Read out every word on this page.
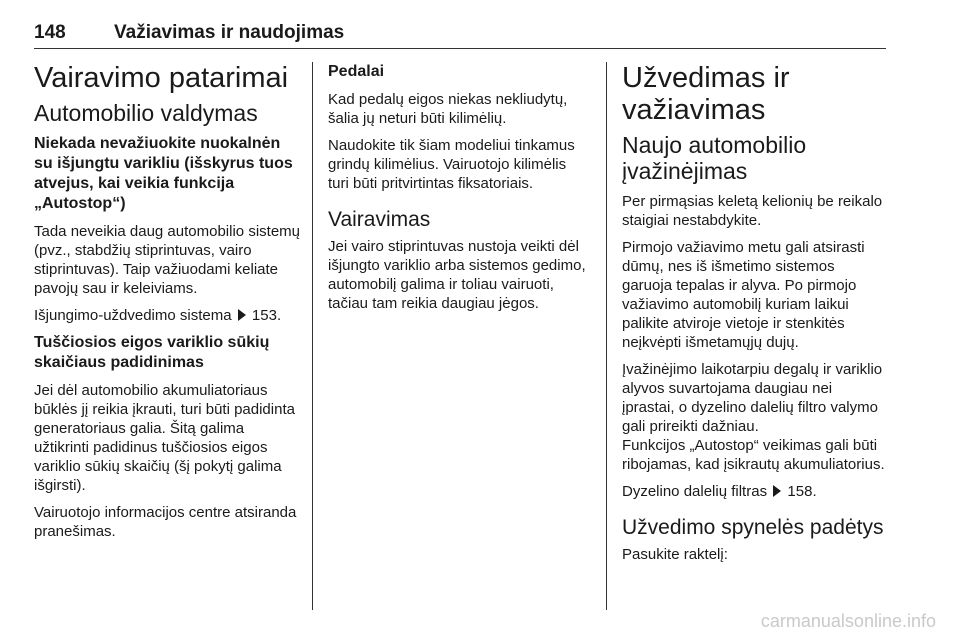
148	Važiavimas ir naudojimas
Vairavimo patarimai
Automobilio valdymas
Niekada nevažiuokite nuokalnėn su išjungtu varikliu (išskyrus tuos atvejus, kai veikia funkcija „Autostop“)

Tada neveikia daug automobilio sistemų (pvz., stabdžių stiprintuvas, vairo stiprintuvas). Taip važiuodami keliate pavojų sau ir keleiviams.

Išjungimo-uždvedimo sistema 153.

Tuščiosios eigos variklio sūkių skaičiaus padidinimas

Jei dėl automobilio akumuliatoriaus būklės jį reikia įkrauti, turi būti padidinta generatoriaus galia. Šitą galima užtikrinti padidinus tuščiosios eigos variklio sūkių skaičių (šį pokytį galima išgirsti).

Vairuotojo informacijos centre atsiranda pranešimas.

Pedalai

Kad pedalų eigos niekas nekliudytų, šalia jų neturi būti kilimėlių.

Naudokite tik šiam modeliui tinkamus grindų kilimėlius. Vairuotojo kilimėlis turi būti pritvirtintas fiksatoriais.

Vairavimas

Jei vairo stiprintuvas nustoja veikti dėl išjungto variklio arba sistemos gedimo, automobilį galima ir toliau vairuoti, tačiau tam reikia daugiau jėgos.

Užvedimas ir važiavimas
Naujo automobilio įvažinėjimas

Per pirmąsias keletą kelionių be reikalo staigiai nestabdykite.

Pirmojo važiavimo metu gali atsirasti dūmų, nes iš išmetimo sistemos garuoja tepalas ir alyva. Po pirmojo važiavimo automobilį kuriam laikui palikite atviroje vietoje ir stenkitės neįkvėpti išmetamųjų dujų.

Įvažinėjimo laikotarpiu degalų ir variklio alyvos suvartojama daugiau nei įprastai, o dyzelino dalelių filtro valymo gali prireikti dažniau.

Funkcijos „Autostop“ veikimas gali būti ribojamas, kad įsikrautų akumuliatorius.

Dyzelino dalelių filtras 158.

Užvedimo spynelės padėtys

Pasukite raktelį:

carmanualsonline.info
